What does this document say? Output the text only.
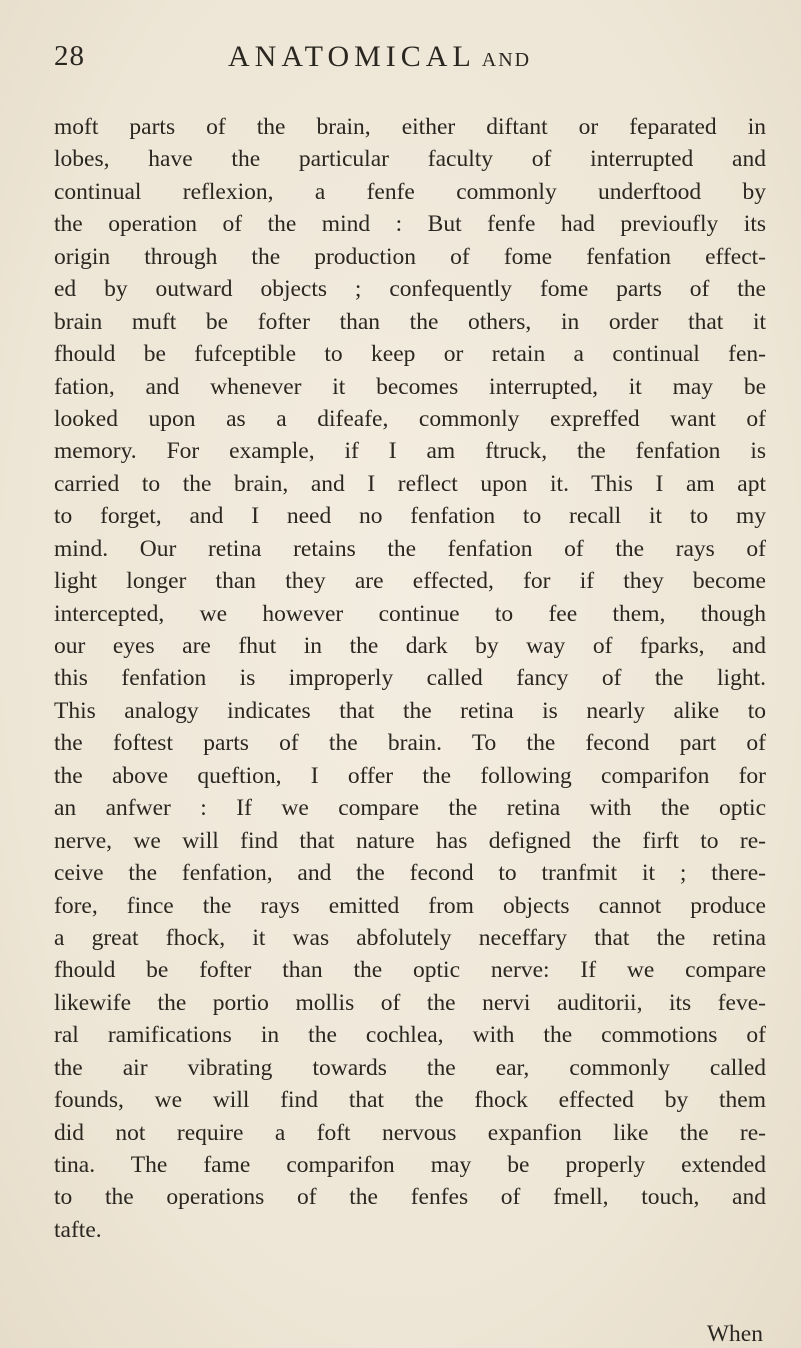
28	ANATOMICAL AND
moft parts of the brain, either diftant or feparated in
lobes, have the particular faculty of interrupted and
continual reflexion, a fenfe commonly underftood by
the operation of the mind : But fenfe had previoufly its
origin through the production of fome fenfation effect-
ed by outward objects ; confequently fome parts of the
brain muft be fofter than the others, in order that it
fhould be fufceptible to keep or retain a continual fen-
fation, and whenever it becomes interrupted, it may be
looked upon as a difeafe, commonly expreffed want of
memory. For example, if I am ftruck, the fenfation is
carried to the brain, and I reflect upon it. This I am apt
to forget, and I need no fenfation to recall it to my
mind. Our retina retains the fenfation of the rays of
light longer than they are effected, for if they become
intercepted, we however continue to fee them, though
our eyes are fhut in the dark by way of fparks, and
this fenfation is improperly called fancy of the light.
This analogy indicates that the retina is nearly alike to
the foftest parts of the brain. To the fecond part of
the above queftion, I offer the following comparifon for
an anfwer : If we compare the retina with the optic
nerve, we will find that nature has defigned the firft to re-
ceive the fenfation, and the fecond to tranfmit it ; there-
fore, fince the rays emitted from objects cannot produce
a great fhock, it was abfolutely neceffary that the retina
fhould be fofter than the optic nerve: If we compare
likewife the portio mollis of the nervi auditorii, its feve-
ral ramifications in the cochlea, with the commotions of
the air vibrating towards the ear, commonly called
founds, we will find that the fhock effected by them
did not require a foft nervous expanfion like the re-
tina. The fame comparifon may be properly extended
to the operations of the fenfes of fmell, touch, and
tafte.
When
